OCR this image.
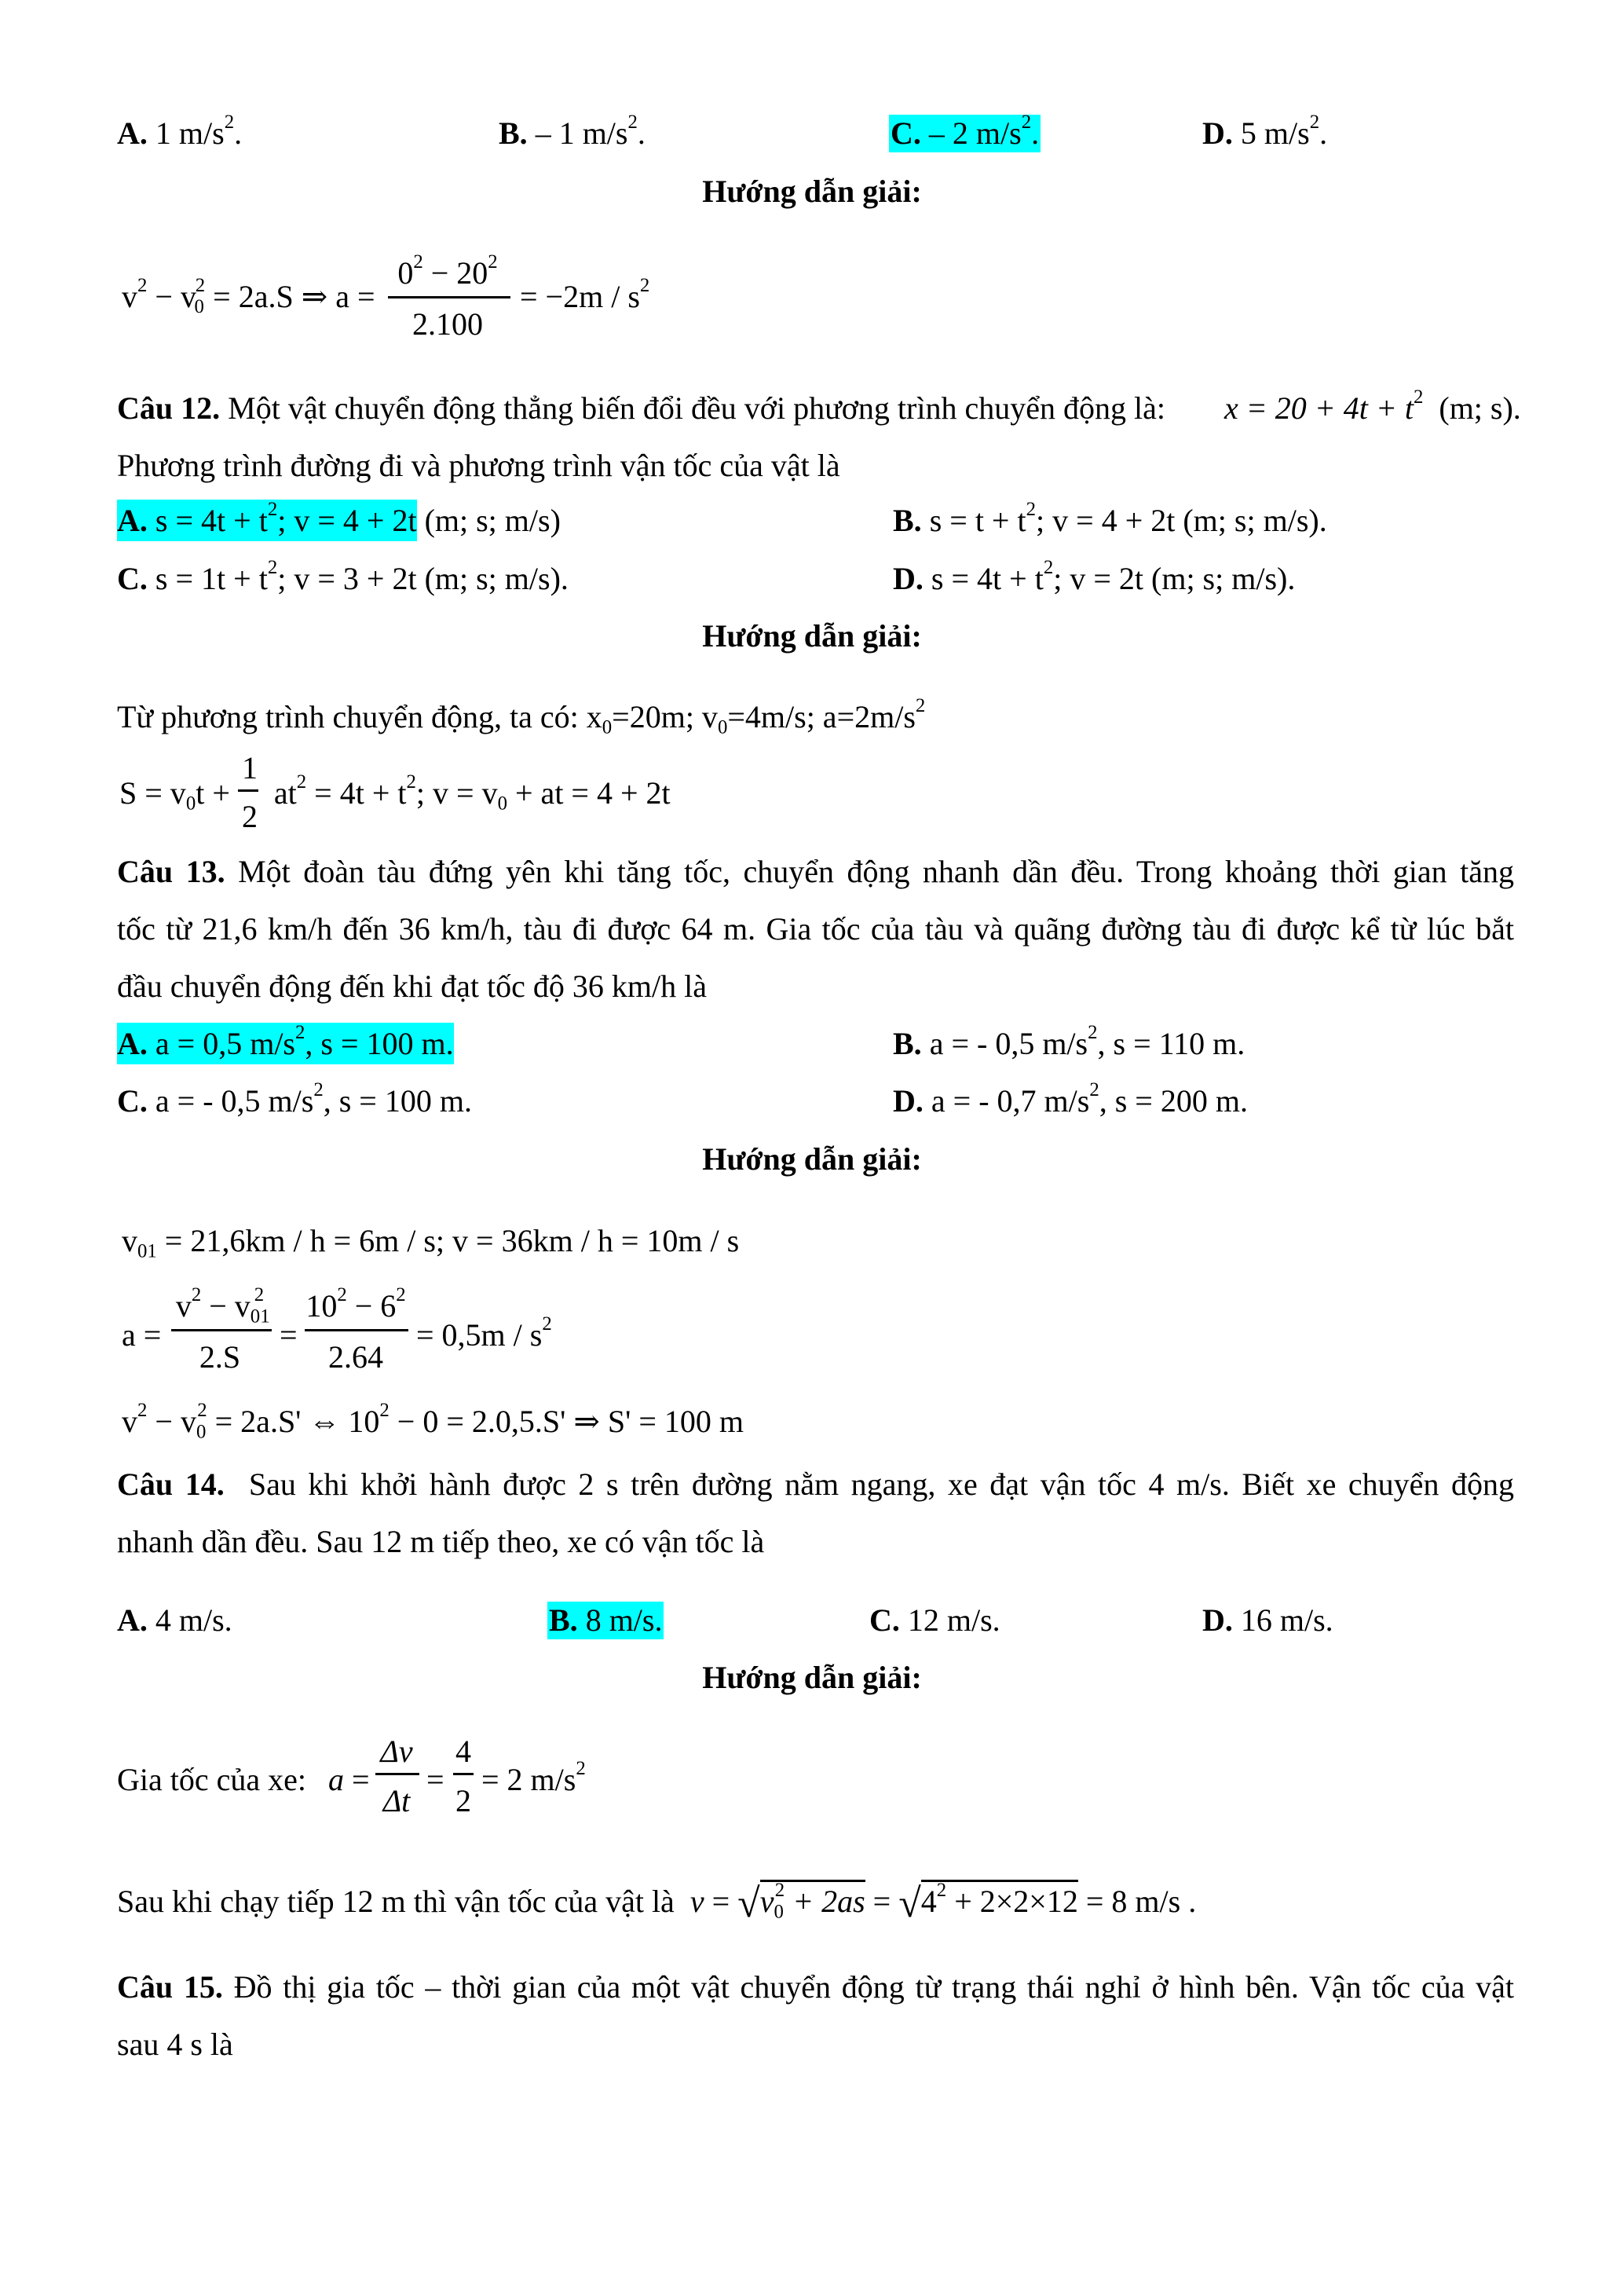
A. 1 $m/s^2$.	B. – 1 $m/s^2$.	C. – 2 $m/s^2$.	D. 5 $m/s^2$.
Hướng dẫn giải:
$v^2 - v_0^2 = 2a.S$ ⇒ a =
$0^2 - 20^2$
2.100
= $-2m / s^2$
Câu 12. Một vật chuyển động thẳng biến đổi đều với phương trình chuyển động là: $x = 20 + 4t + t^2$ (m; s).
Phương trình đường đi và phương trình vận tốc của vật là
A. $s = 4t + t^2$; v = 4 + 2t (m; s; m/s)	B. $s = t + t^2$; v = 4 + 2t (m; s; m/s).
C. $s = 1t + t^2$; v = 3 + 2t (m; s; m/s).	D. $s = 4t + t^2$; v = 2t (m; s; m/s).
Hướng dẫn giải:
Từ phương trình chuyển động, ta có: $x_0=20m$; $v_0=4m/s$; $a=2m/s^2$
$S = v_0t + at^2 = 4t + t^2$; $v = v_0$ + at = 4 + 2t
1
2
Câu 13. Một đoàn tàu đứng yên khi tăng tốc, chuyển động nhanh dần đều. Trong khoảng thời gian tăng
tốc từ 21,6 km/h đến 36 km/h, tàu đi được 64 m. Gia tốc của tàu và quãng đường tàu đi được kể từ lúc bắt
đầu chuyển động đến khi đạt tốc độ 36 km/h là
A. a = 0,5 $m/s^2$, s = 100 m.	B. a = - 0,5 $m/s^2$, s = 110 m.
C. a = - 0,5 $m/s^2$, s = 100 m.	D. a = - 0,7 $m/s^2$, s = 200 m.
Hướng dẫn giải:
$v_{01} = 21,6km / h = 6m / s$; v = 36km / h = 10m / s
a =
$v^2 - v_{01}^2$
2.S
=
$10^2 - 6^2$
2.64
= $0,5m / s^2$
$v^2 - v_0^2 = 2a.S'$ ⇔ $10^2 - 0 = 2.0,5.S'$ ⇒ S' = 100 m
Câu 14. Sau khi khởi hành được 2 s trên đường nằm ngang, xe đạt vận tốc 4 m/s. Biết xe chuyển động
nhanh dần đều. Sau 12 m tiếp theo, xe có vận tốc là
A. 4 m/s.	B. 8 m/s.	C. 12 m/s.	D. 16 m/s.
Hướng dẫn giải:
Gia tốc của xe: a =
Δv
Δt
=
4
2
= 2 $m/s^2$
Sau khi chạy tiếp 12 m thì vận tốc của vật là $v = √v_0^2 + 2as = √4^2 + 2\times 2\times 12 = 8$ m/s .
Câu 15. Đồ thị gia tốc – thời gian của một vật chuyển động từ trạng thái nghỉ ở hình bên. Vận tốc của vật
sau 4 s là
